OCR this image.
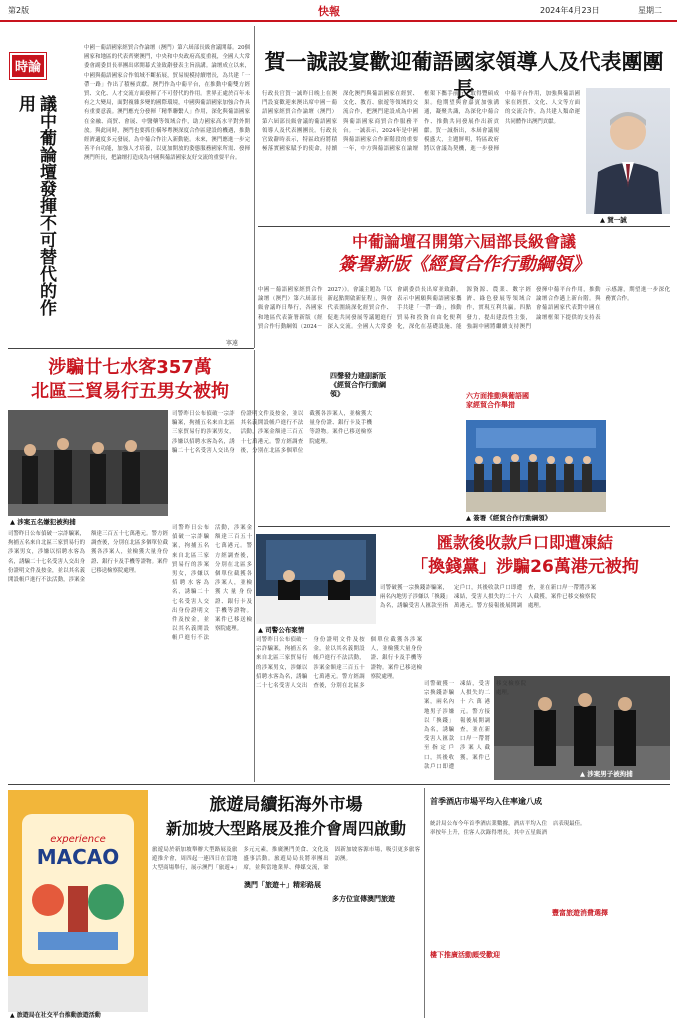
第2版	快報	2024年4月23日	星期二
時論
議中葡論壇發揮不可替代的作用
中國－葡語國家經貿合作論壇（澳門）第六屆部長級會議開幕。20個國家和地區的代表齊聚澳門，中央和中央政府高度重視，全國人大常委會副委員長率團出席開幕式並致辭發表主旨演講。論壇成立以來，中國與葡語國家合作領域不斷拓展，貿易規模持續增長，為共建「一帶一路」作出了積極貢獻。澳門作為中葡平台，在推動中葡雙方經貿、文化、人才交流方面發揮了不可替代的作用。世界正處於百年未有之大變局，面對複雜多變的國際環境，中國與葡語國家加強合作具有重要意義。澳門應充分發揮「精準聯繫人」作用，深化與葡語國家在金融、商貿、會展、中醫藥等領域合作，助力國家高水平對外開放。與此同時，澳門也要抓住橫琴粵澳深度合作區建設的機遇，推動經濟適度多元發展，為中葡合作注入新動能。未來，澳門應進一步完善平台功能，加強人才培養，以更加開放的姿態服務國家所需、發揮澳門所長，把論壇打造成為中國與葡語國家友好交流的重要平台。
寧遠
賀一誠設宴歡迎葡語國家領導人及代表團團長
行政長官賀一誠昨日晚上在澳門設宴歡迎來澳出席中國－葡語國家經貿合作論壇（澳門）第六屆部長級會議的葡語國家領導人及代表團團長。行政長官致辭時表示，特區政府將積極落實國家賦予的使命，持續深化澳門與葡語國家在經貿、文化、教育、旅遊等領域的交流合作，把澳門建設成為中國與葡語國家商貿合作服務平台。一誠表示，2024年是中國與葡語國家合作新階段的重要一年，中方與葡語國家在論壇框架下攜手前行，取得豐碩成果。他期望與會嘉賓加強溝通，凝聚共識，為深化中葡合作、推動共同發展作出新貢獻。賀一誠指出，本屆會議規模盛大，主題鮮明，特區政府將以會議為契機，進一步發揮中葡平台作用，加強與葡語國家在經貿、文化、人文等方面的交流合作，為共建人類命運共同體作出澳門貢獻。
▲ 賀一誠
中葡論壇召開第六屆部長級會議
簽署新版《經貿合作行動綱領》
中國－葡語國家經貿合作論壇（澳門）第六屆部長級會議昨日舉行，各國家和地區代表簽署新版《經貿合作行動綱領（2024－2027）》。會議主題為「以新起點開啟新征程」，與會代表圍繞深化經貿合作、促進共同發展等議題進行深入交流。全國人大常委會副委員長出席並致辭，表示中國願與葡語國家攜手共建「一帶一路」，推動貿易和投資自由化便利化，深化在基礎設施、能源資源、農業、數字經濟、綠色發展等領域合作，實現互利共贏。四點發力，提出建設性主張，強調中國將繼續支持澳門發揮中葡平台作用，推動論壇合作邁上新台階。與會葡語國家代表對中國在論壇框架下提供的支持表示感謝，期望進一步深化務實合作。
四聲發力建副新版《經貿合作行動綱領》	六方面推動與葡語國家經貿合作舉措
▲ 簽署《經貿合作行動綱領》
涉騙廿七水客357萬
北區三貿易行五男女被拘
▲ 涉案五名嫌犯被拘捕
司警昨日公布偵破一宗詐騙案，拘捕五名來自北區三家貿易行的涉案男女，涉嫌以招聘水客為名，誘騙二十七名受害人交出身份證明文件及按金，並以其名義開設帳戶進行不法活動，涉案金額達三百五十七萬港元。警方經調查後，分別在北區多個單位截獲各涉案人，並檢獲大量身份證、銀行卡及手機等證物。案件已移送檢察院處理。
司警昨日公布偵破一宗詐騙案，拘捕五名來自北區三家貿易行的涉案男女，涉嫌以招聘水客為名，誘騙二十七名受害人交出身份證明文件及按金，並以其名義開設帳戶進行不法活動，涉案金額達三百五十七萬港元。警方經調查後，分別在北區多個單位截獲各涉案人，並檢獲大量身份證、銀行卡及手機等證物。案件已移送檢察院處理。
▲ 司警公布案情
司警昨日公布偵破一宗詐騙案，拘捕五名來自北區三家貿易行的涉案男女，涉嫌以招聘水客為名，誘騙二十七名受害人交出身份證明文件及按金，並以其名義開設帳戶進行不法活動，涉案金額達三百五十七萬港元。警方經調查後，分別在北區多個單位截獲各涉案人，並檢獲大量身份證、銀行卡及手機等證物。案件已移送檢察院處理。
司警昨日公布偵破一宗詐騙案，拘捕五名來自北區三家貿易行的涉案男女，涉嫌以招聘水客為名，誘騙二十七名受害人交出身份證明文件及按金，並以其名義開設帳戶進行不法活動，涉案金額達三百五十七萬港元。警方經調查後，分別在北區多個單位截獲各涉案人，並檢獲大量身份證、銀行卡及手機等證物。案件已移送檢察院處理。
匯款後收款戶口即遭凍結
「換錢黨」涉騙26萬港元被拘
司警破獲一宗換錢詐騙案，兩名內地男子涉嫌以「換錢」為名，誘騙受害人匯款至指定戶口，其後收款戶口即遭凍結，受害人損失約二十六萬港元。警方接報後展開調查，並在新口岸一帶將涉案人截獲，案件已移交檢察院處理。
▲ 涉案男子被拘捕
司警破獲一宗換錢詐騙案，兩名內地男子涉嫌以「換錢」為名，誘騙受害人匯款至指定戶口，其後收款戶口即遭凍結，受害人損失約二十六萬港元。警方接報後展開調查，並在新口岸一帶將涉案人截獲，案件已移交檢察院處理。
experience
MACAO
▲ 旅遊局在社交平台推動旅遊活動
旅遊局續拓海外市場
新加坡大型路展及推介會周四啟動
旅遊局於新加坡舉辦大型路展及旅遊推介會，周四起一連四日在當地大型商場舉行，展示澳門「旅遊+」多元元素，推廣澳門美食、文化及盛事活動。旅遊局局長將率團出席，並與當地業界、傳媒交流，鞏固新加坡客源市場，吸引更多旅客訪澳。
澳門「旅遊＋」精彩路展
多方位宣傳澳門旅遊
首季酒店市場平均入住率逾八成
統計局公布今年首季酒店業數據，酒店平均入住率按年上升，住客人次錄得增長，其中五星級酒店表現最佳。
樓下推廣活動頗受歡迎
豐富旅遊消費選擇
